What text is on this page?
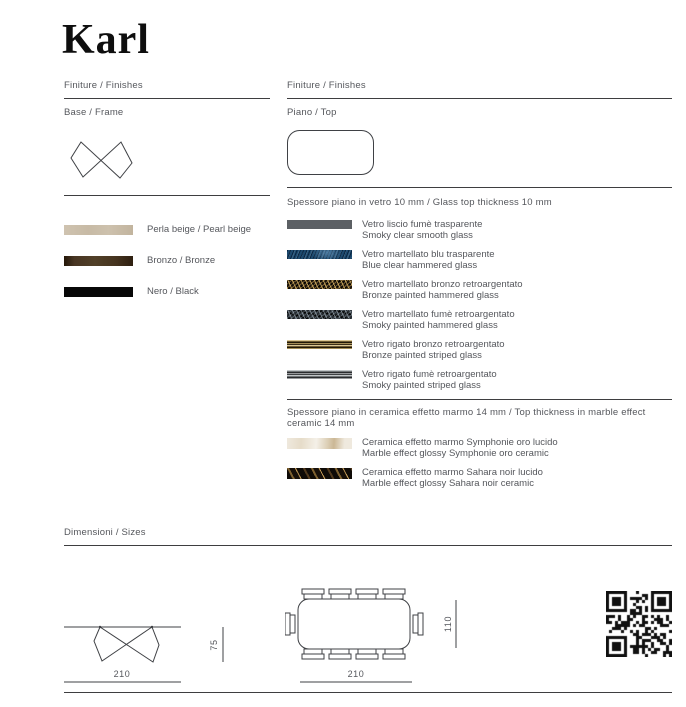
Karl
Finiture / Finishes
Base / Frame
Perla beige / Pearl beige
Bronzo / Bronze
Nero / Black
Finiture / Finishes
Piano / Top
Spessore piano in vetro 10 mm / Glass top thickness 10 mm
Vetro liscio fumè trasparente
Smoky clear smooth glass
Vetro martellato blu trasparente
Blue clear hammered glass
Vetro martellato bronzo retroargentato
Bronze painted hammered glass
Vetro martellato fumè retroargentato
Smoky painted hammered glass
Vetro rigato bronzo retroargentato
Bronze painted striped glass
Vetro rigato fumè retroargentato
Smoky painted striped glass
Spessore piano in ceramica effetto marmo 14 mm / Top thickness in marble effect ceramic 14 mm
Ceramica effetto marmo Symphonie oro lucido
Marble effect glossy Symphonie oro ceramic
Ceramica effetto marmo Sahara noir lucido
Marble effect glossy Sahara noir ceramic
Dimensioni / Sizes
210
75
210
110
